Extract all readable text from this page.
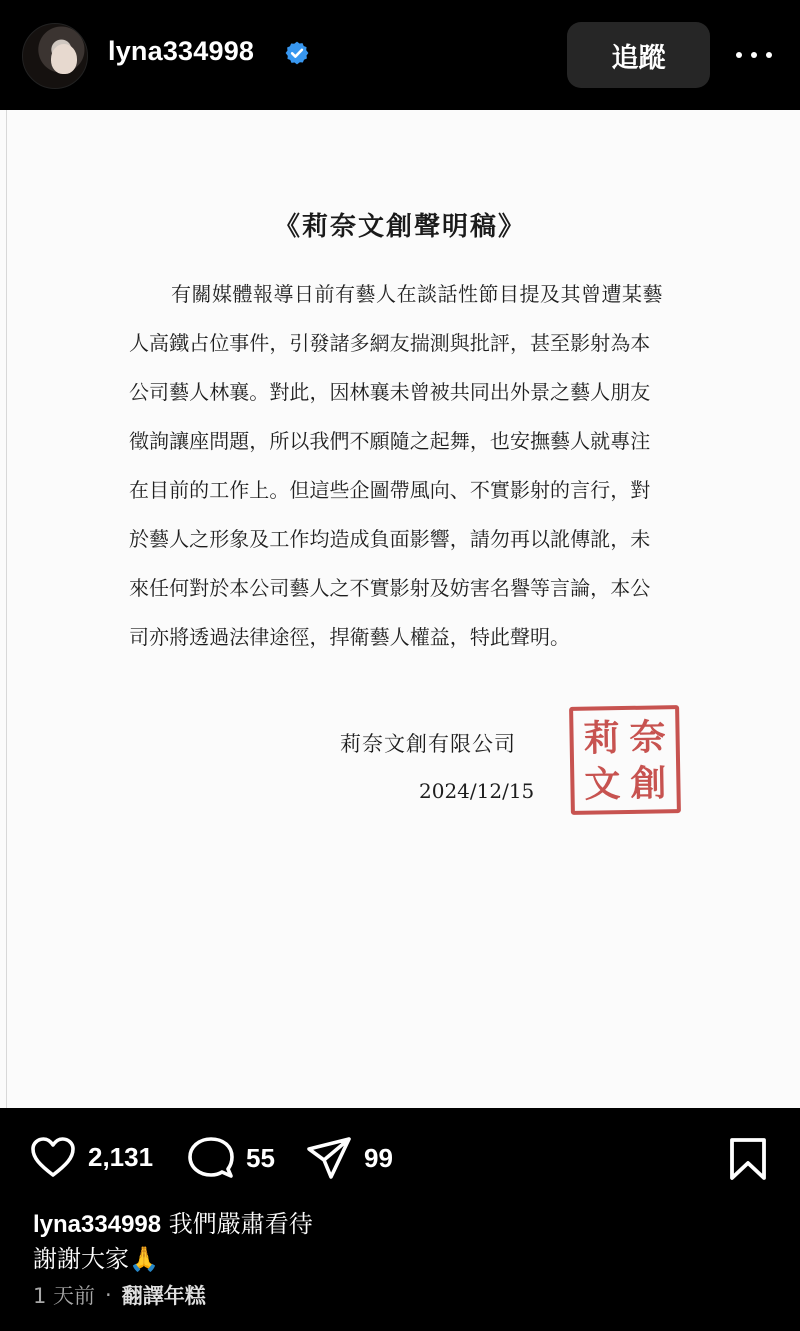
lyna334998	追蹤
《莉奈文創聲明稿》
有關媒體報導日前有藝人在談話性節目提及其曾遭某藝
人高鐵占位事件，引發諸多網友揣測與批評，甚至影射為本
公司藝人林襄。對此，因林襄未曾被共同出外景之藝人朋友
徵詢讓座問題，所以我們不願隨之起舞，也安撫藝人就專注
在目前的工作上。但這些企圖帶風向、不實影射的言行，對
於藝人之形象及工作均造成負面影響，請勿再以訛傳訛，未
來任何對於本公司藝人之不實影射及妨害名譽等言論，本公
司亦將透過法律途徑，捍衛藝人權益，特此聲明。
莉奈文創有限公司
2024/12/15
莉 奈
文 創
2,131	55	99
lyna334998 我們嚴肅看待
謝謝大家🙏
1 天前 · 翻譯年糕
